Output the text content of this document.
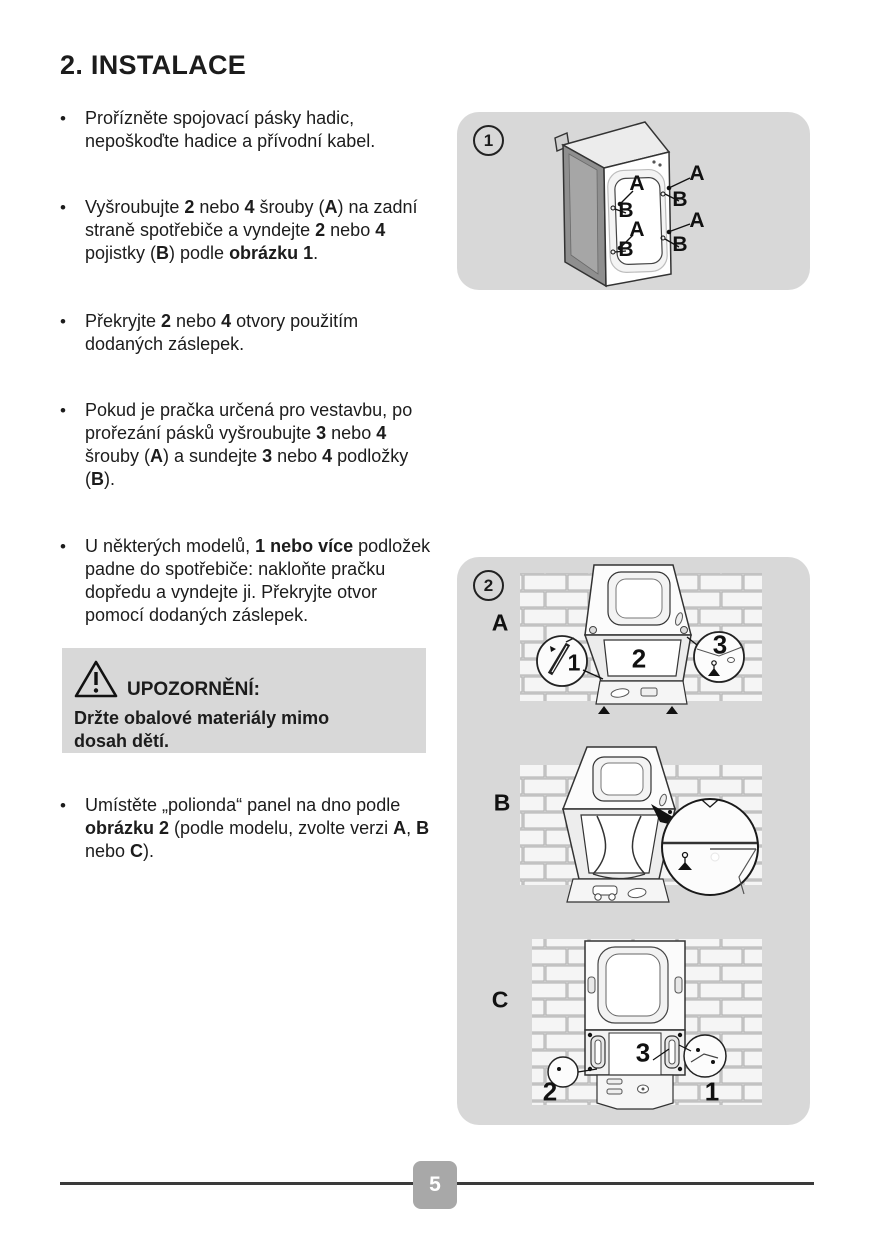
2. INSTALACE
•	Prořízněte spojovací pásky hadic, nepoškoďte hadice a přívodní kabel.

•	Vyšroubujte 2 nebo 4 šrouby (A) na zadní straně spotřebiče a vyndejte 2 nebo 4 pojistky (B) podle obrázku 1.

•	Překryjte 2 nebo 4 otvory použitím dodaných záslepek.

•	Pokud je pračka určená pro vestavbu, po prořezání pásků vyšroubujte 3 nebo 4 šrouby (A) a sundejte 3 nebo 4 podložky (B).

•	U některých modelů, 1 nebo více podložek padne do spotřebiče: nakloňte pračku dopředu a vyndejte ji. Překryjte otvor pomocí dodaných záslepek.

•	Umístěte „polionda“ panel na dno podle obrázku 2 (podle modelu, zvolte verzi A, B nebo C).

UPOZORNĚNÍ:

Držte obalové materiály mimo dosah dětí.

1
A
B
A
B
A
B
A
B
2
A
B
C
1 2	3
2
3
1
5
